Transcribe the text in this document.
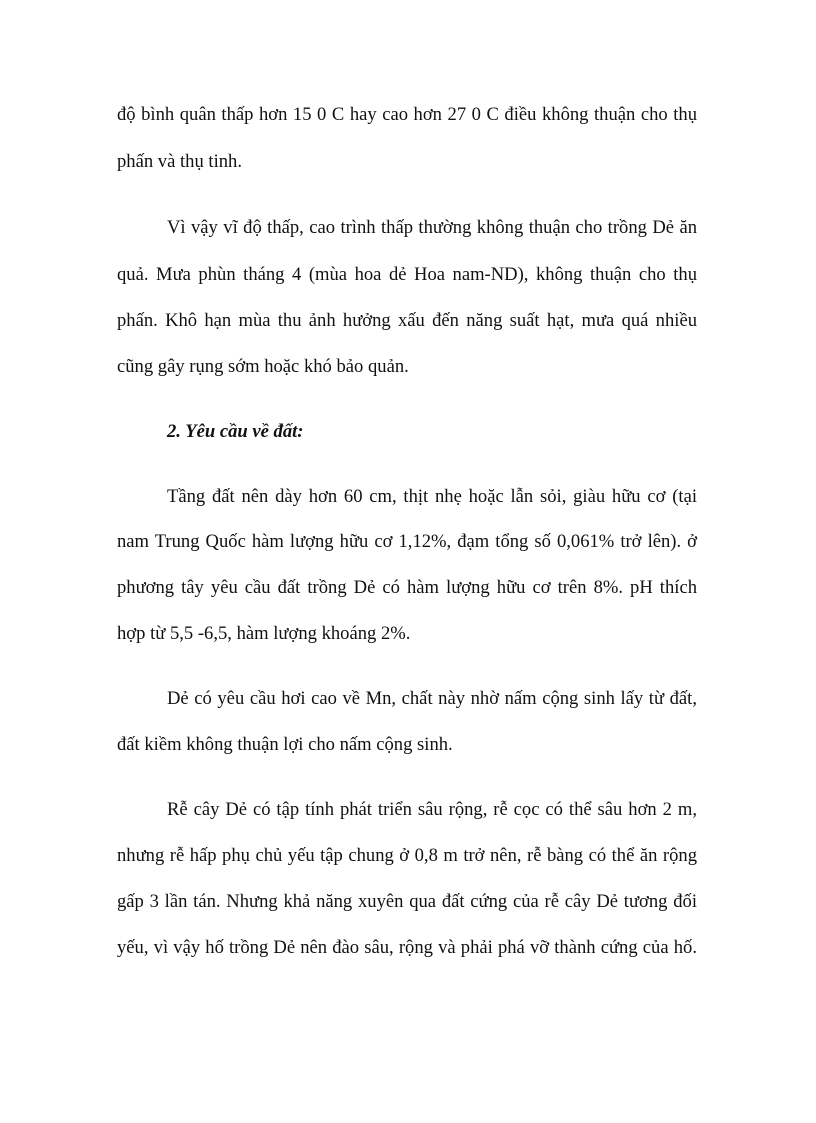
độ bình quân thấp hơn 15 0 C hay cao hơn 27 0 C điều không thuận cho thụ
phấn và thụ tinh.
Vì vậy vĩ độ thấp, cao trình thấp thường không thuận cho trồng Dẻ ăn
quả. Mưa phùn tháng 4 (mùa hoa dẻ Hoa nam-ND), không thuận cho thụ
phấn. Khô hạn mùa thu ảnh hưởng xấu đến năng suất hạt, mưa quá nhiều
cũng gây rụng sớm hoặc khó bảo quản.
2. Yêu cầu về đất:
Tầng đất nên dày hơn 60 cm, thịt nhẹ hoặc lẫn sỏi, giàu hữu cơ (tại
nam Trung Quốc hàm lượng hữu cơ 1,12%, đạm tổng số 0,061% trở lên). ở
phương tây yêu cầu đất trồng Dẻ có hàm lượng hữu cơ trên 8%. pH thích
hợp từ 5,5 -6,5, hàm lượng khoáng 2%.
Dẻ có yêu cầu hơi cao về Mn, chất này nhờ nấm cộng sinh lấy từ đất,
đất kiềm không thuận lợi cho nấm cộng sinh.
Rễ cây Dẻ có tập tính phát triển sâu rộng, rễ cọc có thể sâu hơn 2 m,
nhưng rễ hấp phụ chủ yếu tập chung ở 0,8 m trở nên, rễ bàng có thể ăn rộng
gấp 3 lần tán. Nhưng khả năng xuyên qua đất cứng của rễ cây Dẻ tương đối
yếu, vì vậy hố trồng Dẻ nên đào sâu, rộng và phải phá vỡ thành cứng của hố.
